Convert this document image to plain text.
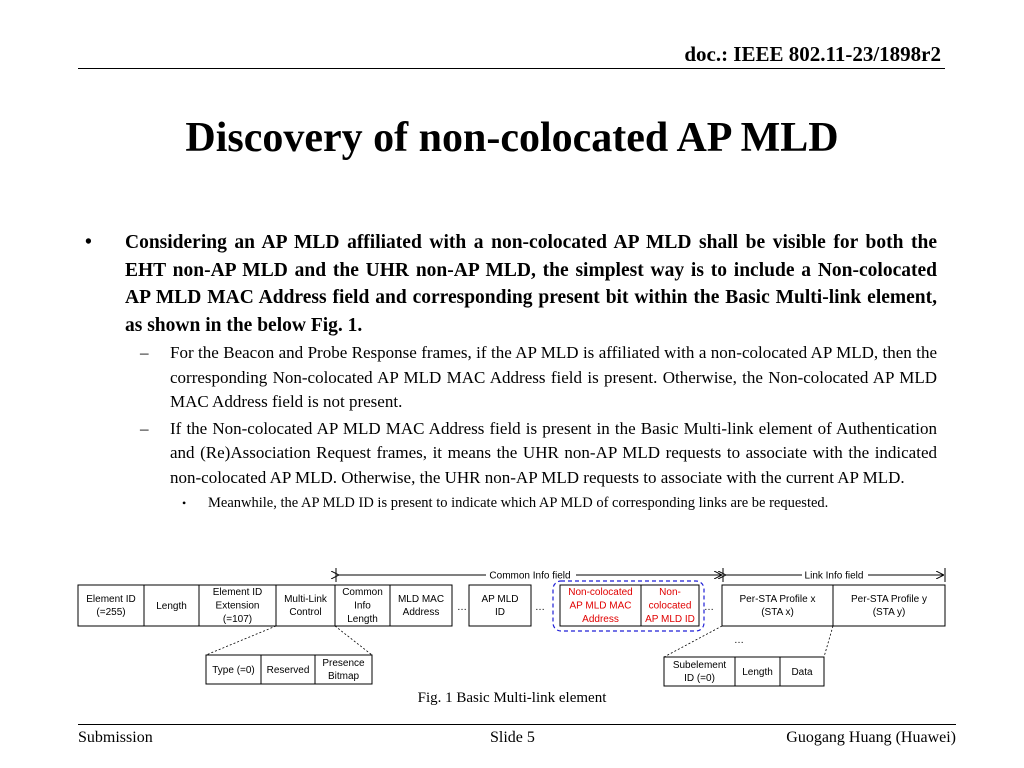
doc.: IEEE 802.11-23/1898r2
Discovery of non-colocated AP MLD
• Considering an AP MLD affiliated with a non-colocated AP MLD shall be visible for both the EHT non-AP MLD and the UHR non-AP MLD, the simplest way is to include a Non-colocated AP MLD MAC Address field and corresponding present bit within the Basic Multi-link element, as shown in the below Fig. 1.
– For the Beacon and Probe Response frames, if the AP MLD is affiliated with a non-colocated AP MLD, then the corresponding Non-colocated AP MLD MAC Address field is present. Otherwise, the Non-colocated AP MLD MAC Address field is not present.
– If the Non-colocated AP MLD MAC Address field is present in the Basic Multi-link element of Authentication and (Re)Association Request frames, it means the UHR non-AP MLD requests to associate with the indicated non-colocated AP MLD. Otherwise, the UHR non-AP MLD requests to associate with the current AP MLD.
• Meanwhile, the AP MLD ID is present to indicate which AP MLD of corresponding links are be requested.
Common Info field	Link Info field
Element ID
(=255)
Length
Element ID
Extension
(=107)
Multi-Link
Control
Common
Info
Length
MLD MAC
Address …
AP MLD
ID	…
Non-colocated
AP MLD MAC
Address
Non-
colocated
AP MLD ID
…
Per-STA Profile x
(STA x)
Per-STA Profile y
(STA y)
…
Type (=0) Reserved
Presence
Bitmap
Subelement
ID (=0)
Length Data
Fig. 1 Basic Multi-link element
Submission	Slide 5	Guogang Huang (Huawei)
